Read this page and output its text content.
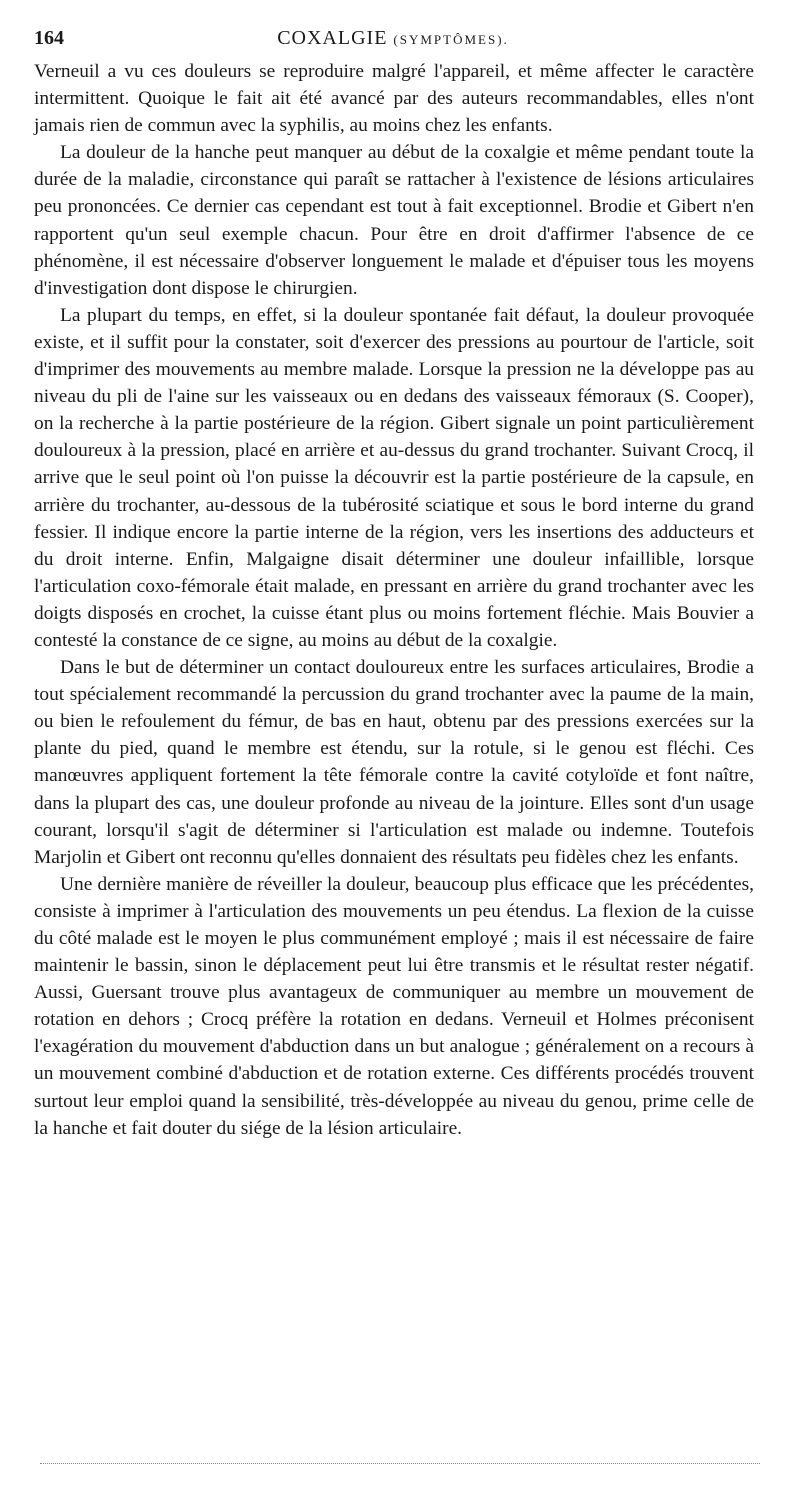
164	COXALGIE (SYMPTÔMES).

Verneuil a vu ces douleurs se reproduire malgré l'appareil, et même affecter le caractère intermittent. Quoique le fait ait été avancé par des auteurs recommandables, elles n'ont jamais rien de commun avec la syphilis, au moins chez les enfants.

La douleur de la hanche peut manquer au début de la coxalgie et même pendant toute la durée de la maladie, circonstance qui paraît se rattacher à l'existence de lésions articulaires peu prononcées. Ce dernier cas cependant est tout à fait exceptionnel. Brodie et Gibert n'en rapportent qu'un seul exemple chacun. Pour être en droit d'affirmer l'absence de ce phénomène, il est nécessaire d'observer longuement le malade et d'épuiser tous les moyens d'investigation dont dispose le chirurgien.

La plupart du temps, en effet, si la douleur spontanée fait défaut, la douleur provoquée existe, et il suffit pour la constater, soit d'exercer des pressions au pourtour de l'article, soit d'imprimer des mouvements au membre malade. Lorsque la pression ne la développe pas au niveau du pli de l'aine sur les vaisseaux ou en dedans des vaisseaux fémoraux (S. Cooper), on la recherche à la partie postérieure de la région. Gibert signale un point particulièrement douloureux à la pression, placé en arrière et au-dessus du grand trochanter. Suivant Crocq, il arrive que le seul point où l'on puisse la découvrir est la partie postérieure de la capsule, en arrière du trochanter, au-dessous de la tubérosité sciatique et sous le bord interne du grand fessier. Il indique encore la partie interne de la région, vers les insertions des adducteurs et du droit interne. Enfin, Malgaigne disait déterminer une douleur infaillible, lorsque l'articulation coxo-fémorale était malade, en pressant en arrière du grand trochanter avec les doigts disposés en crochet, la cuisse étant plus ou moins fortement fléchie. Mais Bouvier a contesté la constance de ce signe, au moins au début de la coxalgie.

Dans le but de déterminer un contact douloureux entre les surfaces articulaires, Brodie a tout spécialement recommandé la percussion du grand trochanter avec la paume de la main, ou bien le refoulement du fémur, de bas en haut, obtenu par des pressions exercées sur la plante du pied, quand le membre est étendu, sur la rotule, si le genou est fléchi. Ces manœuvres appliquent fortement la tête fémorale contre la cavité cotyloïde et font naître, dans la plupart des cas, une douleur profonde au niveau de la jointure. Elles sont d'un usage courant, lorsqu'il s'agit de déterminer si l'articulation est malade ou indemne. Toutefois Marjolin et Gibert ont reconnu qu'elles donnaient des résultats peu fidèles chez les enfants.

Une dernière manière de réveiller la douleur, beaucoup plus efficace que les précédentes, consiste à imprimer à l'articulation des mouvements un peu étendus. La flexion de la cuisse du côté malade est le moyen le plus communément employé ; mais il est nécessaire de faire maintenir le bassin, sinon le déplacement peut lui être transmis et le résultat rester négatif. Aussi, Guersant trouve plus avantageux de communiquer au membre un mouvement de rotation en dehors ; Crocq préfère la rotation en dedans. Verneuil et Holmes préconisent l'exagération du mouvement d'abduction dans un but analogue ; généralement on a recours à un mouvement combiné d'abduction et de rotation externe. Ces différents procédés trouvent surtout leur emploi quand la sensibilité, très-développée au niveau du genou, prime celle de la hanche et fait douter du siége de la lésion articulaire.
